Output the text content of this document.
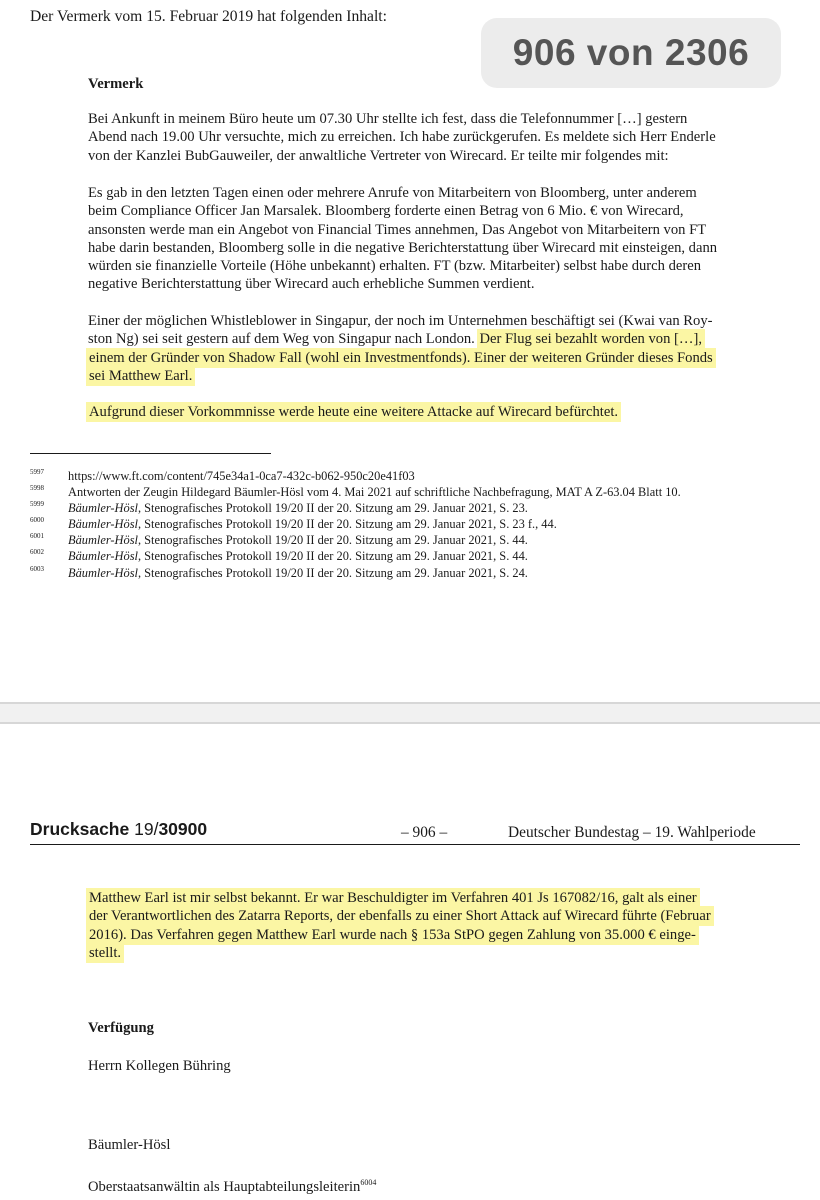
Der Vermerk vom 15. Februar 2019 hat folgenden Inhalt:
906 von 2306
Vermerk
Bei Ankunft in meinem Büro heute um 07.30 Uhr stellte ich fest, dass die Telefonnummer […] gestern
Abend nach 19.00 Uhr versuchte, mich zu erreichen. Ich habe zurückgerufen. Es meldete sich Herr Enderle
von der Kanzlei BubGauweiler, der anwaltliche Vertreter von Wirecard. Er teilte mir folgendes mit:
Es gab in den letzten Tagen einen oder mehrere Anrufe von Mitarbeitern von Bloomberg, unter anderem
beim Compliance Officer Jan Marsalek. Bloomberg forderte einen Betrag von 6 Mio. € von Wirecard,
ansonsten werde man ein Angebot von Financial Times annehmen, Das Angebot von Mitarbeitern von FT
habe darin bestanden, Bloomberg solle in die negative Berichterstattung über Wirecard mit einsteigen, dann
würden sie finanzielle Vorteile (Höhe unbekannt) erhalten. FT (bzw. Mitarbeiter) selbst habe durch deren
negative Berichterstattung über Wirecard auch erhebliche Summen verdient.
Einer der möglichen Whistleblower in Singapur, der noch im Unternehmen beschäftigt sei (Kwai van Roy-
ston Ng) sei seit gestern auf dem Weg von Singapur nach London. Der Flug sei bezahlt worden von […],
einem der Gründer von Shadow Fall (wohl ein Investmentfonds). Einer der weiteren Gründer dieses Fonds
sei Matthew Earl.
Aufgrund dieser Vorkommnisse werde heute eine weitere Attacke auf Wirecard befürchtet.
5997	https://www.ft.com/content/745e34a1-0ca7-432c-b062-950c20e41f03
5998	Antworten der Zeugin Hildegard Bäumler-Hösl vom 4. Mai 2021 auf schriftliche Nachbefragung, MAT A Z-63.04 Blatt 10.
5999	Bäumler-Hösl, Stenografisches Protokoll 19/20 II der 20. Sitzung am 29. Januar 2021, S. 23.
6000	Bäumler-Hösl, Stenografisches Protokoll 19/20 II der 20. Sitzung am 29. Januar 2021, S. 23 f., 44.
6001	Bäumler-Hösl, Stenografisches Protokoll 19/20 II der 20. Sitzung am 29. Januar 2021, S. 44.
6002	Bäumler-Hösl, Stenografisches Protokoll 19/20 II der 20. Sitzung am 29. Januar 2021, S. 44.
6003	Bäumler-Hösl, Stenografisches Protokoll 19/20 II der 20. Sitzung am 29. Januar 2021, S. 24.
Drucksache 19/30900	– 906 –	Deutscher Bundestag – 19. Wahlperiode
Matthew Earl ist mir selbst bekannt. Er war Beschuldigter im Verfahren 401 Js 167082/16, galt als einer
der Verantwortlichen des Zatarra Reports, der ebenfalls zu einer Short Attack auf Wirecard führte (Februar
2016). Das Verfahren gegen Matthew Earl wurde nach § 153a StPO gegen Zahlung von 35.000 € einge-
stellt.
Verfügung
Herrn Kollegen Bühring
Bäumler-Hösl
Oberstaatsanwältin als Hauptabteilungsleiterin$^{6004}$
